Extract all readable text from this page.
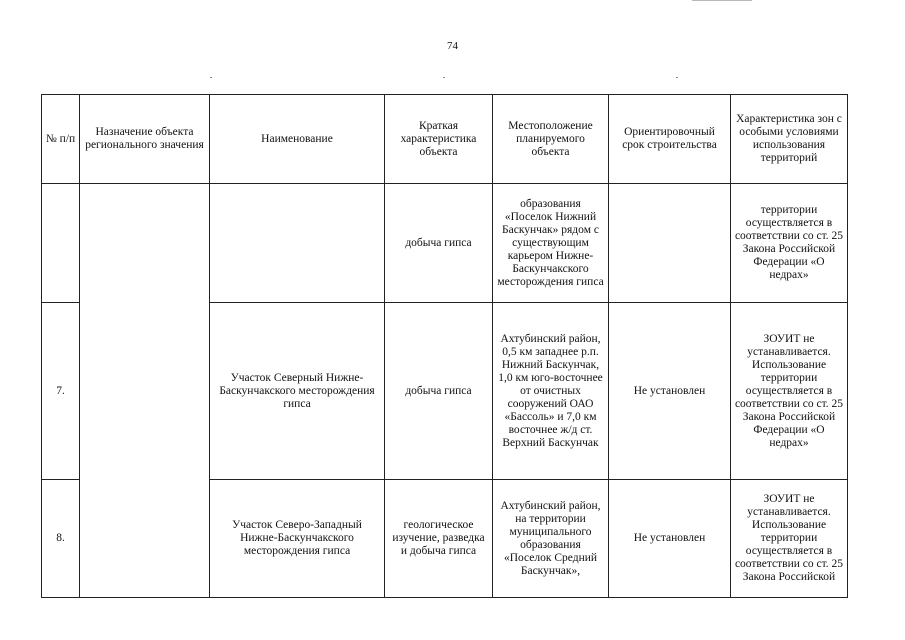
74
№ п/п	Назначение объекта регионального значения	Наименование	Краткая характеристика объекта	Местоположение планируемого объекта	Ориентировочный срок строительства	Характеристика зон с особыми условиями использования территорий
			добыча гипса	образования «Поселок Нижний Баскунчак» рядом с существующим карьером Нижне-Баскунчакского месторождения гипса		территории осуществляется в соответствии со ст. 25 Закона Российской Федерации «О недрах»
7.		Участок Северный Нижне-Баскунчакского месторождения гипса	добыча гипса	Ахтубинский район, 0,5 км западнее р.п. Нижний Баскунчак, 1,0 км юго-восточнее от очистных сооружений ОАО «Бассоль» и 7,0 км восточнее ж/д ст. Верхний Баскунчак	Не установлен	ЗОУИТ не устанавливается. Использование территории осуществляется в соответствии со ст. 25 Закона Российской Федерации «О недрах»
8.		Участок Северо-Западный Нижне-Баскунчакского месторождения гипса	геологическое изучение, разведка и добыча гипса	Ахтубинский район, на территории муниципального образования «Поселок Средний Баскунчак»,	Не установлен	ЗОУИТ не устанавливается. Использование территории осуществляется в соответствии со ст. 25 Закона Российской
